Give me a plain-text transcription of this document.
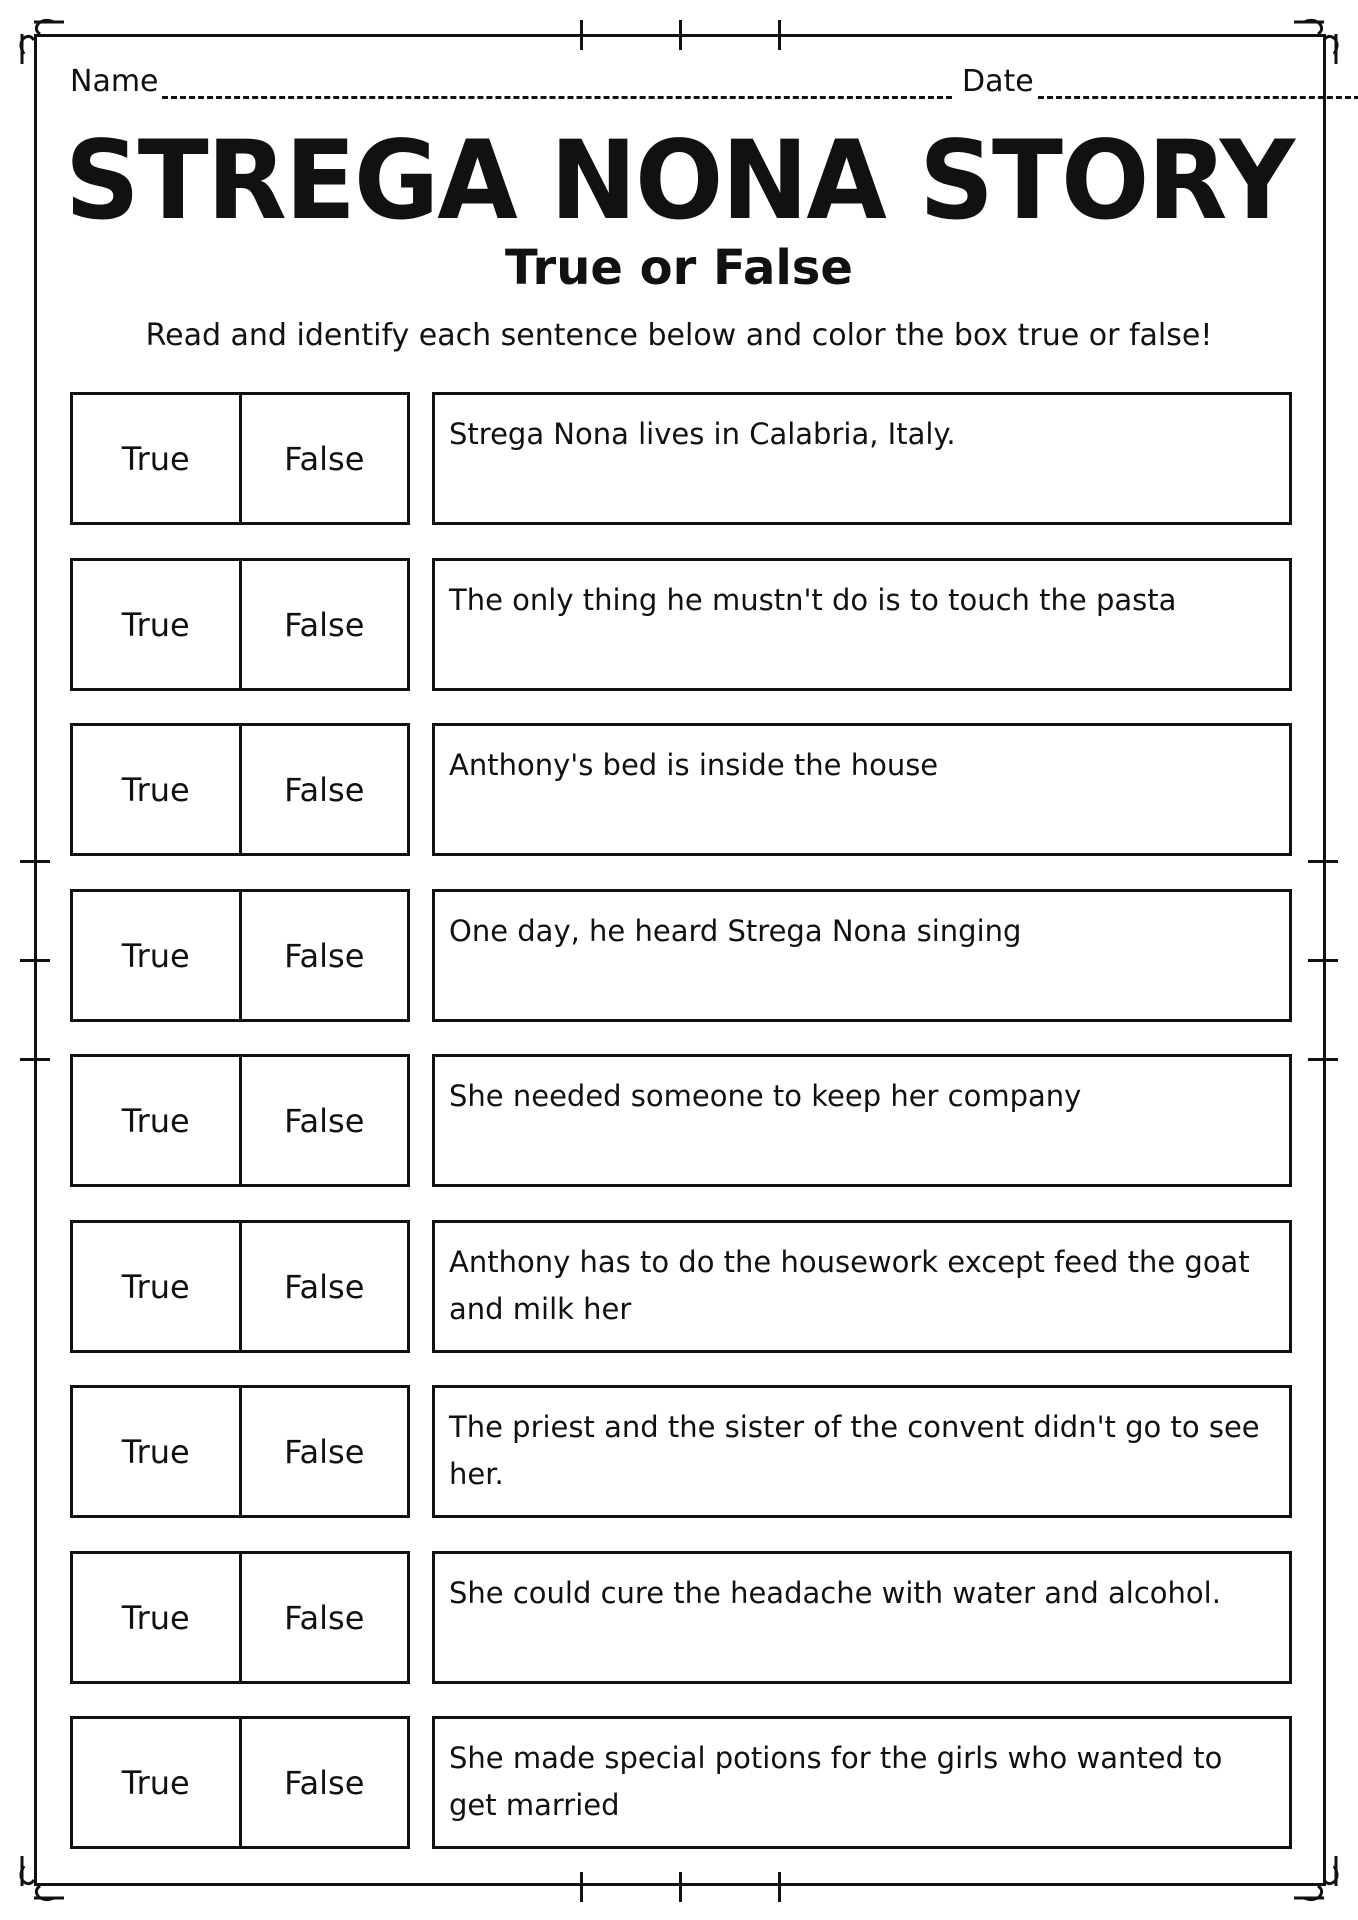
Name	Date
STREGA NONA STORY
True or False
Read and identify each sentence below and color the box true or false!
True	False
Strega Nona lives in Calabria, Italy.
True	False
The only thing he mustn't do is to touch the pasta
True	False
Anthony's bed is inside the house
True	False
One day, he heard Strega Nona singing
True	False
She needed someone to keep her company
True	False
Anthony has to do the housework except feed the goat and milk her
True	False
The priest and the sister of the convent didn't go to see her.
True	False
She could cure the headache with water and alcohol.
True	False
She made special potions for the girls who wanted to get married
